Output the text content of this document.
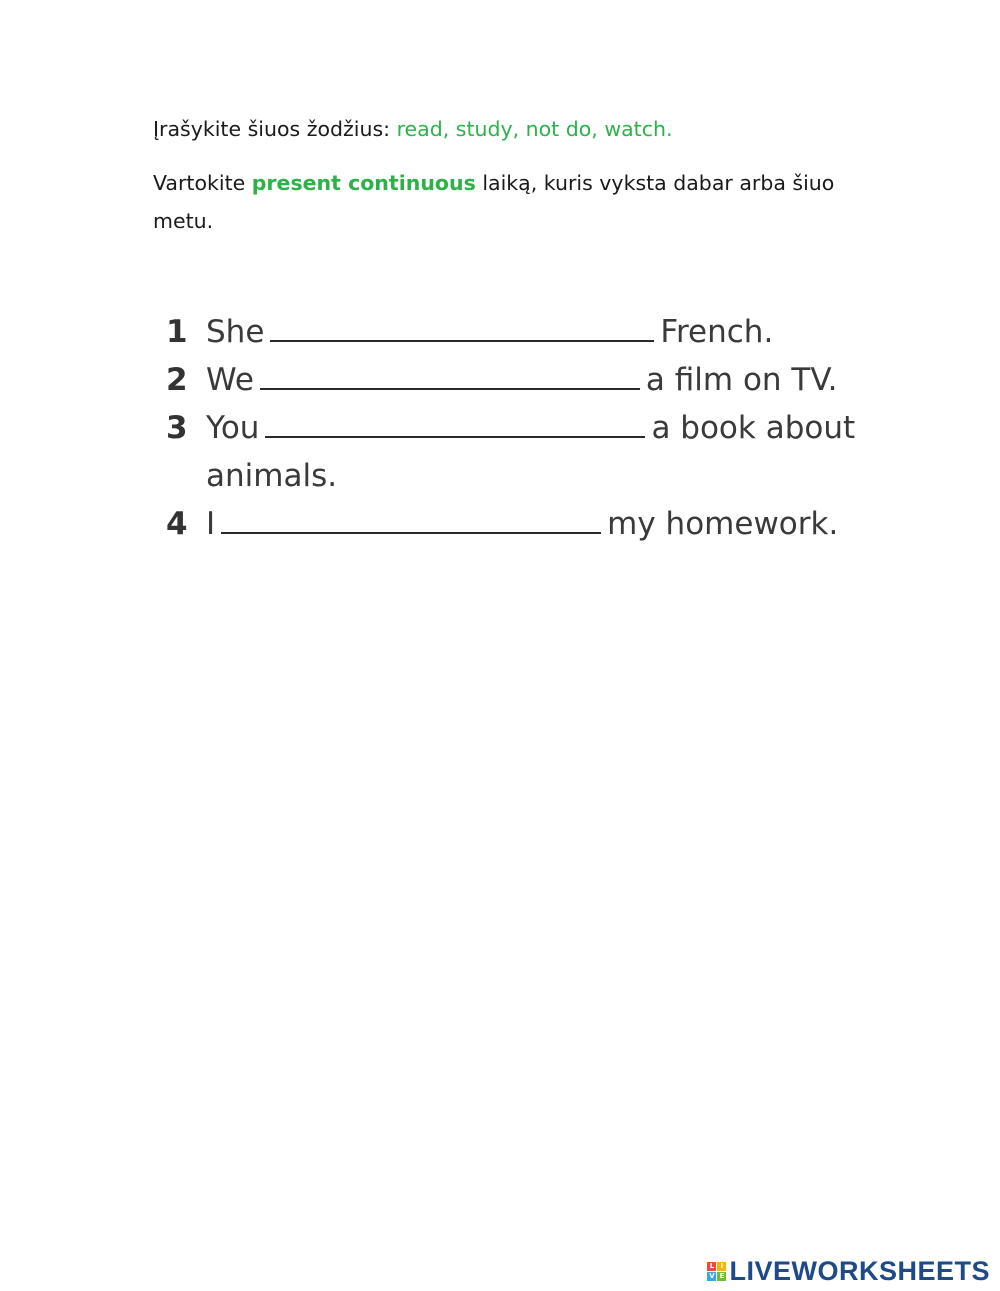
Įrašykite šiuos žodžius: read, study, not do, watch.
Vartokite present continuous laiką, kuris vyksta dabar arba šiuo metu.
1 She	French.
2 We	a film on TV.
3 You	a book about
animals.
4 I	my homework.
L I
V E LIVEWORKSHEETS
